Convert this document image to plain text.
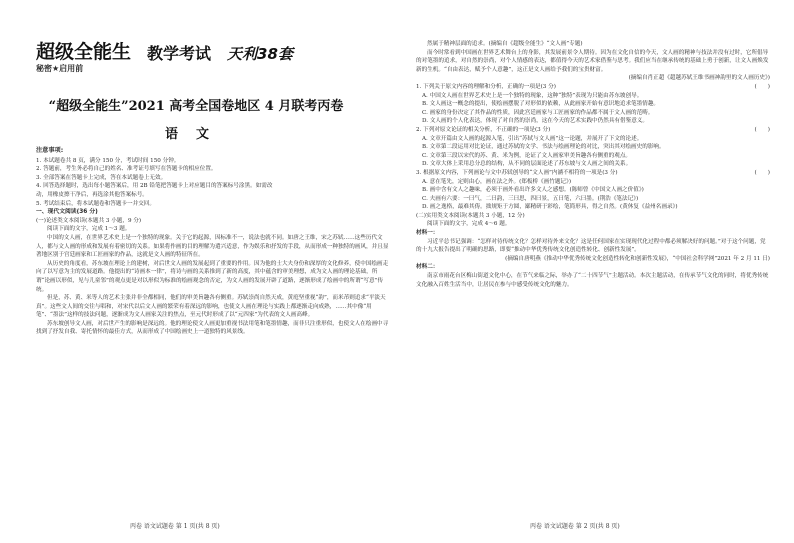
超级全能生 教学考试 天利38套
秘密★启用前
“超级全能生”2021 高考全国卷地区 4 月联考丙卷
语文

注意事项:

1. 本试题卷共 8 页，满分 150 分，考试时间 150 分钟。

2. 答题前，考生务必将自己的姓名、准考证号填写在答题卡的相应位置。

3. 全部答案在答题卡上完成，答在本试题卷上无效。

4. 回答选择题时，选出每小题答案后，用 2B 铅笔把答题卡上对应题目的答案标号涂黑。如需改

动，用橡皮擦干净后，再选涂其他答案标号。

5. 考试结束后，将本试题卷和答题卡一并交回。

一、现代文阅读(36 分)

(一)论述类文本阅读(本题共 3 小题，9 分)

阅读下面的文字，完成 1～3 题。

中国的文人画，在世界艺术史上是一个独特的现象。关于它的起源，因标准不一，说法也就不同。如唐之王维，宋之苏轼……这些历代文人，都与文人画的形成和发展有着密切的关系。如果将作画的目的理解为遣兴适意，作为娱乐和抒发的手段，从而形成一种独特的画风，并且显著地区别于宫廷画家和工匠画家的作品，这就是文人画的特征所在。

从历史的角度看，苏东坡在理论上的建树，对后世文人画的发展起到了重要的作用。因为他的士大夫身份和深厚的文化修养，使中国绘画走向了以写意为主的发展道路。他提出的“诗画本一律”，将诗与画的关系推到了新的高度，其中蕴含的审美理想，成为文人画的理论基础，所谓“论画以形似，见与儿童邻”的观点更是对以形似为标准的绘画观念的否定，为文人画的发展开辟了道路，逐渐形成了绘画中的所谓“写意”传统。

但是，苏、黄、米等人的艺术主张并非全都相同，他们的审美旨趣各有侧重。苏轼崇尚自然天成，黄庭坚重视“韵”，而米芾则追求“平淡天真”。这些文人间的交往与唱和，对宋代以后文人画的繁荣有着深远的影响，也使文人画在理论与实践上都逐渐走向成熟，……其中像“用笔”、“墨法”这样的技法问题，逐渐成为文人画家关注的焦点，至元代时形成了以“元四家”为代表的文人画高峰。

苏东坡创导文人画，对后世产生的影响是深远的。他的理论使文人画更加重视书法用笔和笔墨情趣，而非只注重形似，也使文人在绘画中寻找到了抒发自我、寄托情怀的最佳方式，从而形成了中国绘画史上一道独特的风景线。

丙卷 语文试题卷 第 1 页(共 8 页)

然属于精神层面的追求。(摘编自《超级全能生》“文人画”专题)

而今时常看到中国画在世界艺术舞台上的身影，其发展前景令人期待。因为在文化自信的今天，文人画的精神与技法并没有过时，它所倡导的对笔墨的追求，对自然的崇尚，对个人情感的表达，都值得今天的艺术家借鉴与思考。我们应当在继承传统的基础上勇于创新，让文人画焕发新的生机。“自由表达，赋予个人意趣”，这正是文人画给予我们的宝贵财富。

(摘编自肖正超《超越苏轼王维书画神韵里的文人画历史》)

1. 下列关于原文内容的理解和分析，正确的一项是(3 分)	(　　)

A. 中国文人画在世界艺术史上是一个独特的现象，这种“独特”表现为只能由苏东坡创导。

B. 文人画这一概念的提出，使绘画摆脱了对形似的依赖，从此画家开始有意识地追求笔墨情趣。

C. 画家的身份决定了其作品的性质，因此宫廷画家与工匠画家的作品都不属于文人画的范畴。

D. 文人画的个人化表达，体现了对自然的崇尚，这在今天的艺术实践中仍然具有借鉴意义。

2. 下列对原文论证的相关分析，不正确的一项是(3 分)	(　　)

A. 文章开篇由文人画的起源入笔，引出“苏轼与文人画”这一论题，并展开了下文的论述。

B. 文章第二段运用对比论证，通过苏轼的文学、书法与绘画理论的对比，突出其对绘画史的影响。

C. 文章第三段以宋代的苏、黄、米为例，论证了文人画家审美旨趣各有侧重的观点。

D. 文章大体上采用总分总的结构，从不同的层面论述了苏东坡与文人画之间的关系。

3. 根据原文内容，下列画论与文中苏轼创导的“文人画”内涵不相符的一项是(3 分)	(　　)

A. 意在笔先，定则由心，画在法之外。(郑板桥《画竹题记》)

B. 画中含有文人之趣味，必须于画外看出许多文人之感想。(陈师曾《中国文人画之价值》)

C. 夫画有六要：一曰气，二曰韵，三曰思，四曰景，五曰笔，六曰墨。(荆浩《笔法记》)

D. 画之逸格，最难其俦。拙规矩于方圆，鄙精研于彩绘，笔简形具，得之自然。(黄休复《益州名画录》)

(二)实用类文本阅读(本题共 3 小题，12 分)

阅读下面的文字，完成 4～6 题。

材料一：

习近平总书记强调：“怎样对待传统文化？怎样对待外来文化？这是任何国家在实现现代化过程中都必须解决好的问题。”对于这个问题，党的十九大报告提出了明确的思路，即要“推动中华优秀传统文化创造性转化、创新性发展”。

(摘编自唐明燕《推动中华优秀传统文化创造性转化和创新性发展》，“中国社会科学网”2021 年 2 月 11 日)

材料二：

南京市雨花台区梅山街道文化中心，在节气来临之际，举办了“二十四节气”主题活动。本次主题活动，在传承节气文化的同时，将优秀传统文化融入百姓生活当中，让居民在参与中感受传统文化的魅力。

丙卷 语文试题卷 第 2 页(共 8 页)
